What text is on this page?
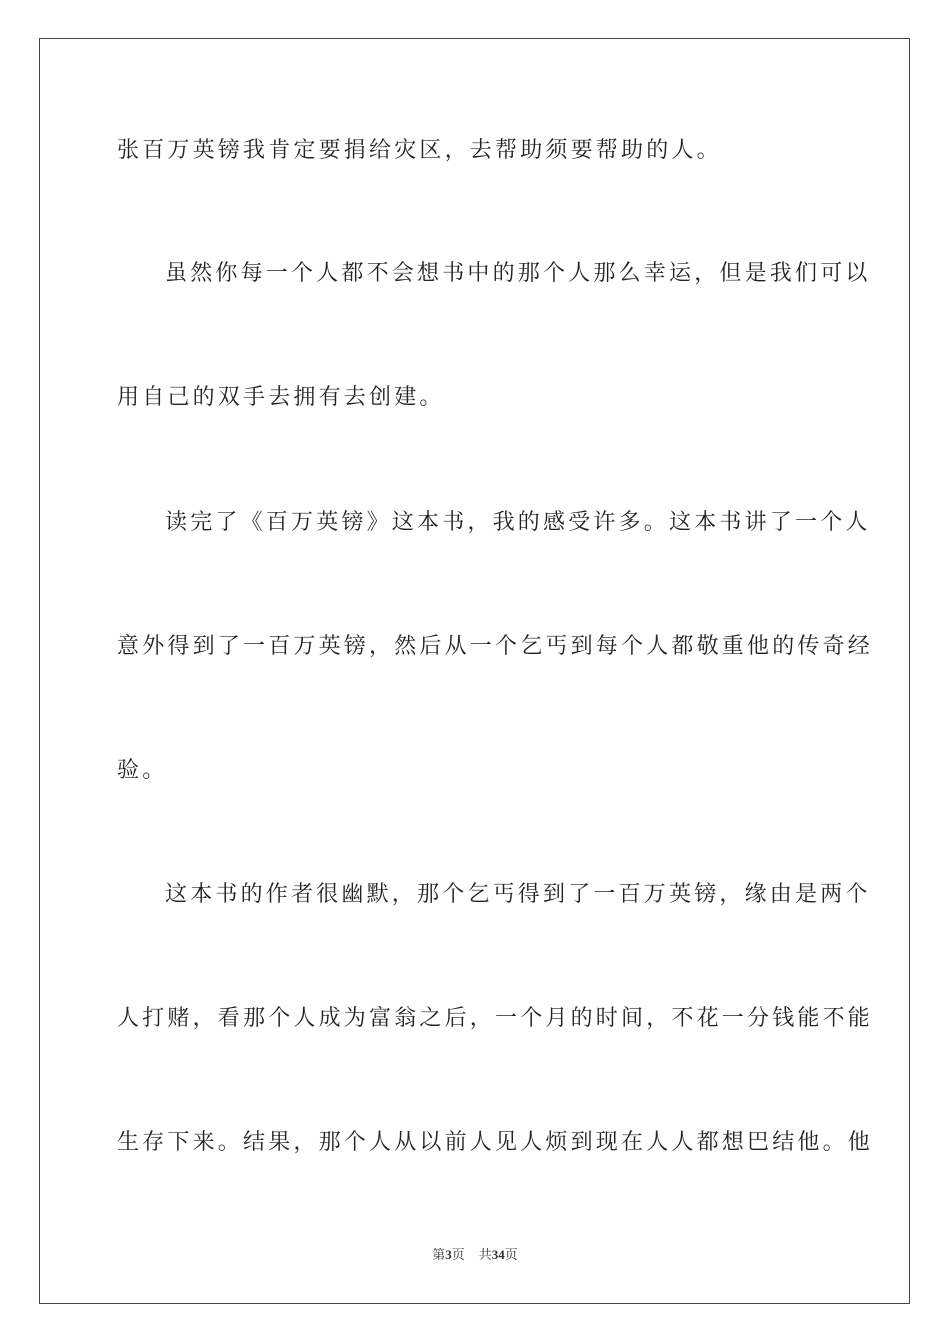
张百万英镑我肯定要捐给灾区，去帮助须要帮助的人。
虽然你每一个人都不会想书中的那个人那么幸运，但是我们可以
用自己的双手去拥有去创建。
读完了《百万英镑》这本书，我的感受许多。这本书讲了一个人
意外得到了一百万英镑，然后从一个乞丐到每个人都敬重他的传奇经
验。
这本书的作者很幽默，那个乞丐得到了一百万英镑，缘由是两个
人打赌，看那个人成为富翁之后，一个月的时间，不花一分钱能不能
生存下来。结果，那个人从以前人见人烦到现在人人都想巴结他。他
第3页 共34页
